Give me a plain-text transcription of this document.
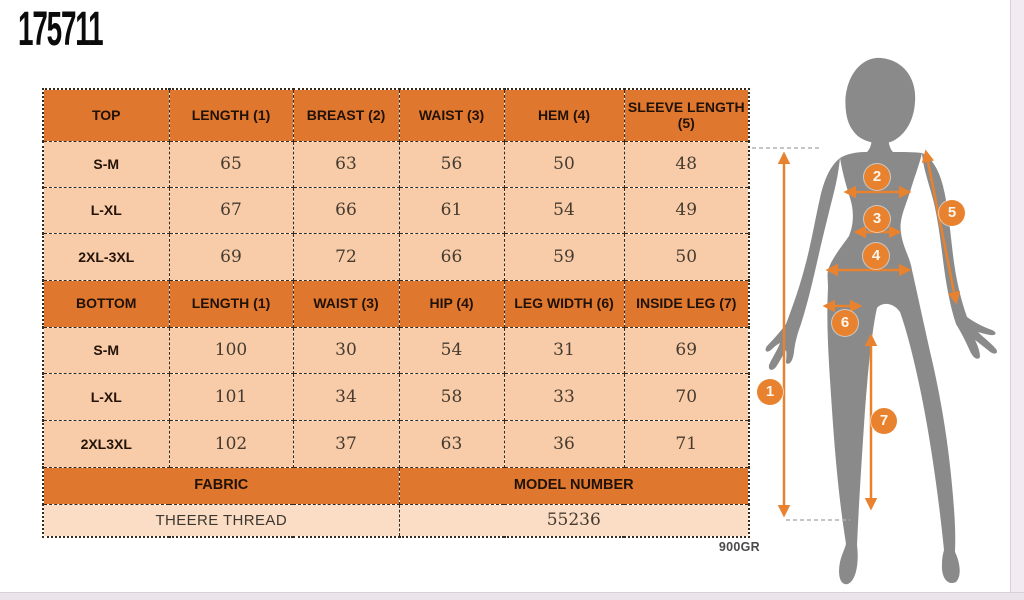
175711
TOP	LENGTH (1)	BREAST (2)	WAIST (3)	HEM (4)	SLEEVE LENGTH (5)
S-M	65	63	56	50	48
L-XL	67	66	61	54	49
2XL-3XL	69	72	66	59	50
BOTTOM	LENGTH (1)	WAIST (3)	HIP (4)	LEG WIDTH (6)	INSIDE LEG (7)
S-M	100	30	54	31	69
L-XL	101	34	58	33	70
2XL3XL	102	37	63	36	71
FABRIC			MODEL NUMBER		
THEERE THREAD			55236		
900GR
1
2
3
4
5
6
7
